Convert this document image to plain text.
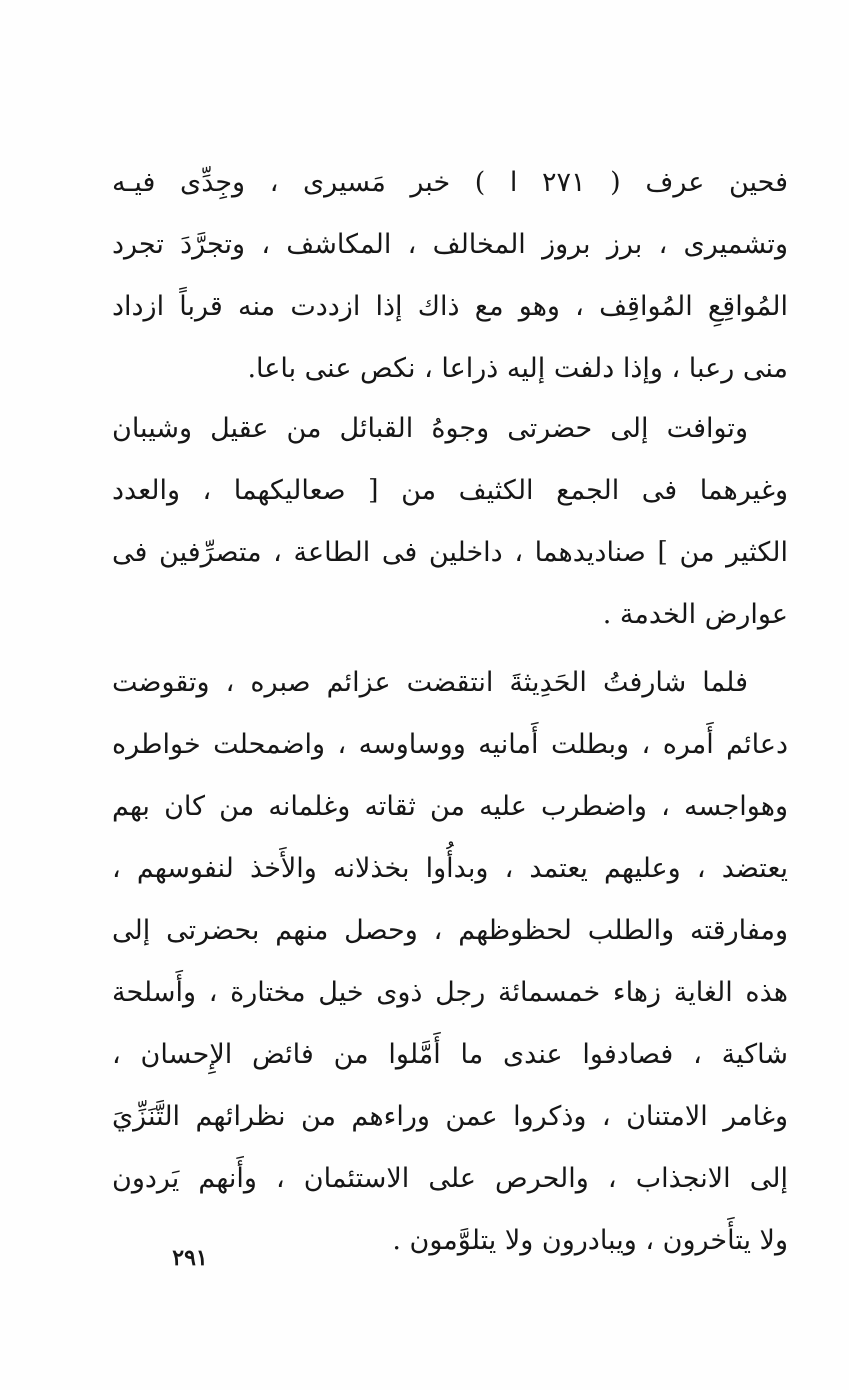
فحين عرف ( ٢٧١ ا ) خبر مَسيرى ، وجِدِّى فيـه
وتشميرى ، برز بروز المخالف ، المكاشف ، وتجرَّدَ تجرد
المُواقِعِ المُواقِف ، وهو مع ذاك إذا ازددت منه قرباً ازداد
منى رعبا ، وإذا دلفت إليه ذراعا ، نكص عنى باعا.
وتوافت إلى حضرتى وجوهُ القبائل من عقيل وشيبان
وغيرهما فى الجمع الكثيف من [ صعاليكهما ، والعدد
الكثير من ] صناديدهما ، داخلين فى الطاعة ، متصرِّفين فى
عوارض الخدمة .
فلما شارفتُ الحَدِيثةَ انتقضت عزائم صبره ، وتقوضت
دعائم أَمره ، وبطلت أَمانيه ووساوسه ، واضمحلت خواطره
وهواجسه ، واضطرب عليه من ثقاته وغلمانه من كان بهم
يعتضد ، وعليهم يعتمد ، وبدأُوا بخذلانه والأَخذ لنفوسهم ،
ومفارقته والطلب لحظوظهم ، وحصل منهم بحضرتى إلى
هذه الغاية زهاء خمسمائة رجل ذوى خيل مختارة ، وأَسلحة
شاكية ، فصادفوا عندى ما أَمَّلوا من فائض الإِحسان ،
وغامر الامتنان ، وذكروا عمن وراءهم من نظرائهم التَّنَزِّيَ
إلى الانجذاب ، والحرص على الاستئمان ، وأَنهم يَردون
ولا يتأَخرون ، ويبادرون ولا يتلوَّمون .
٢٩١
